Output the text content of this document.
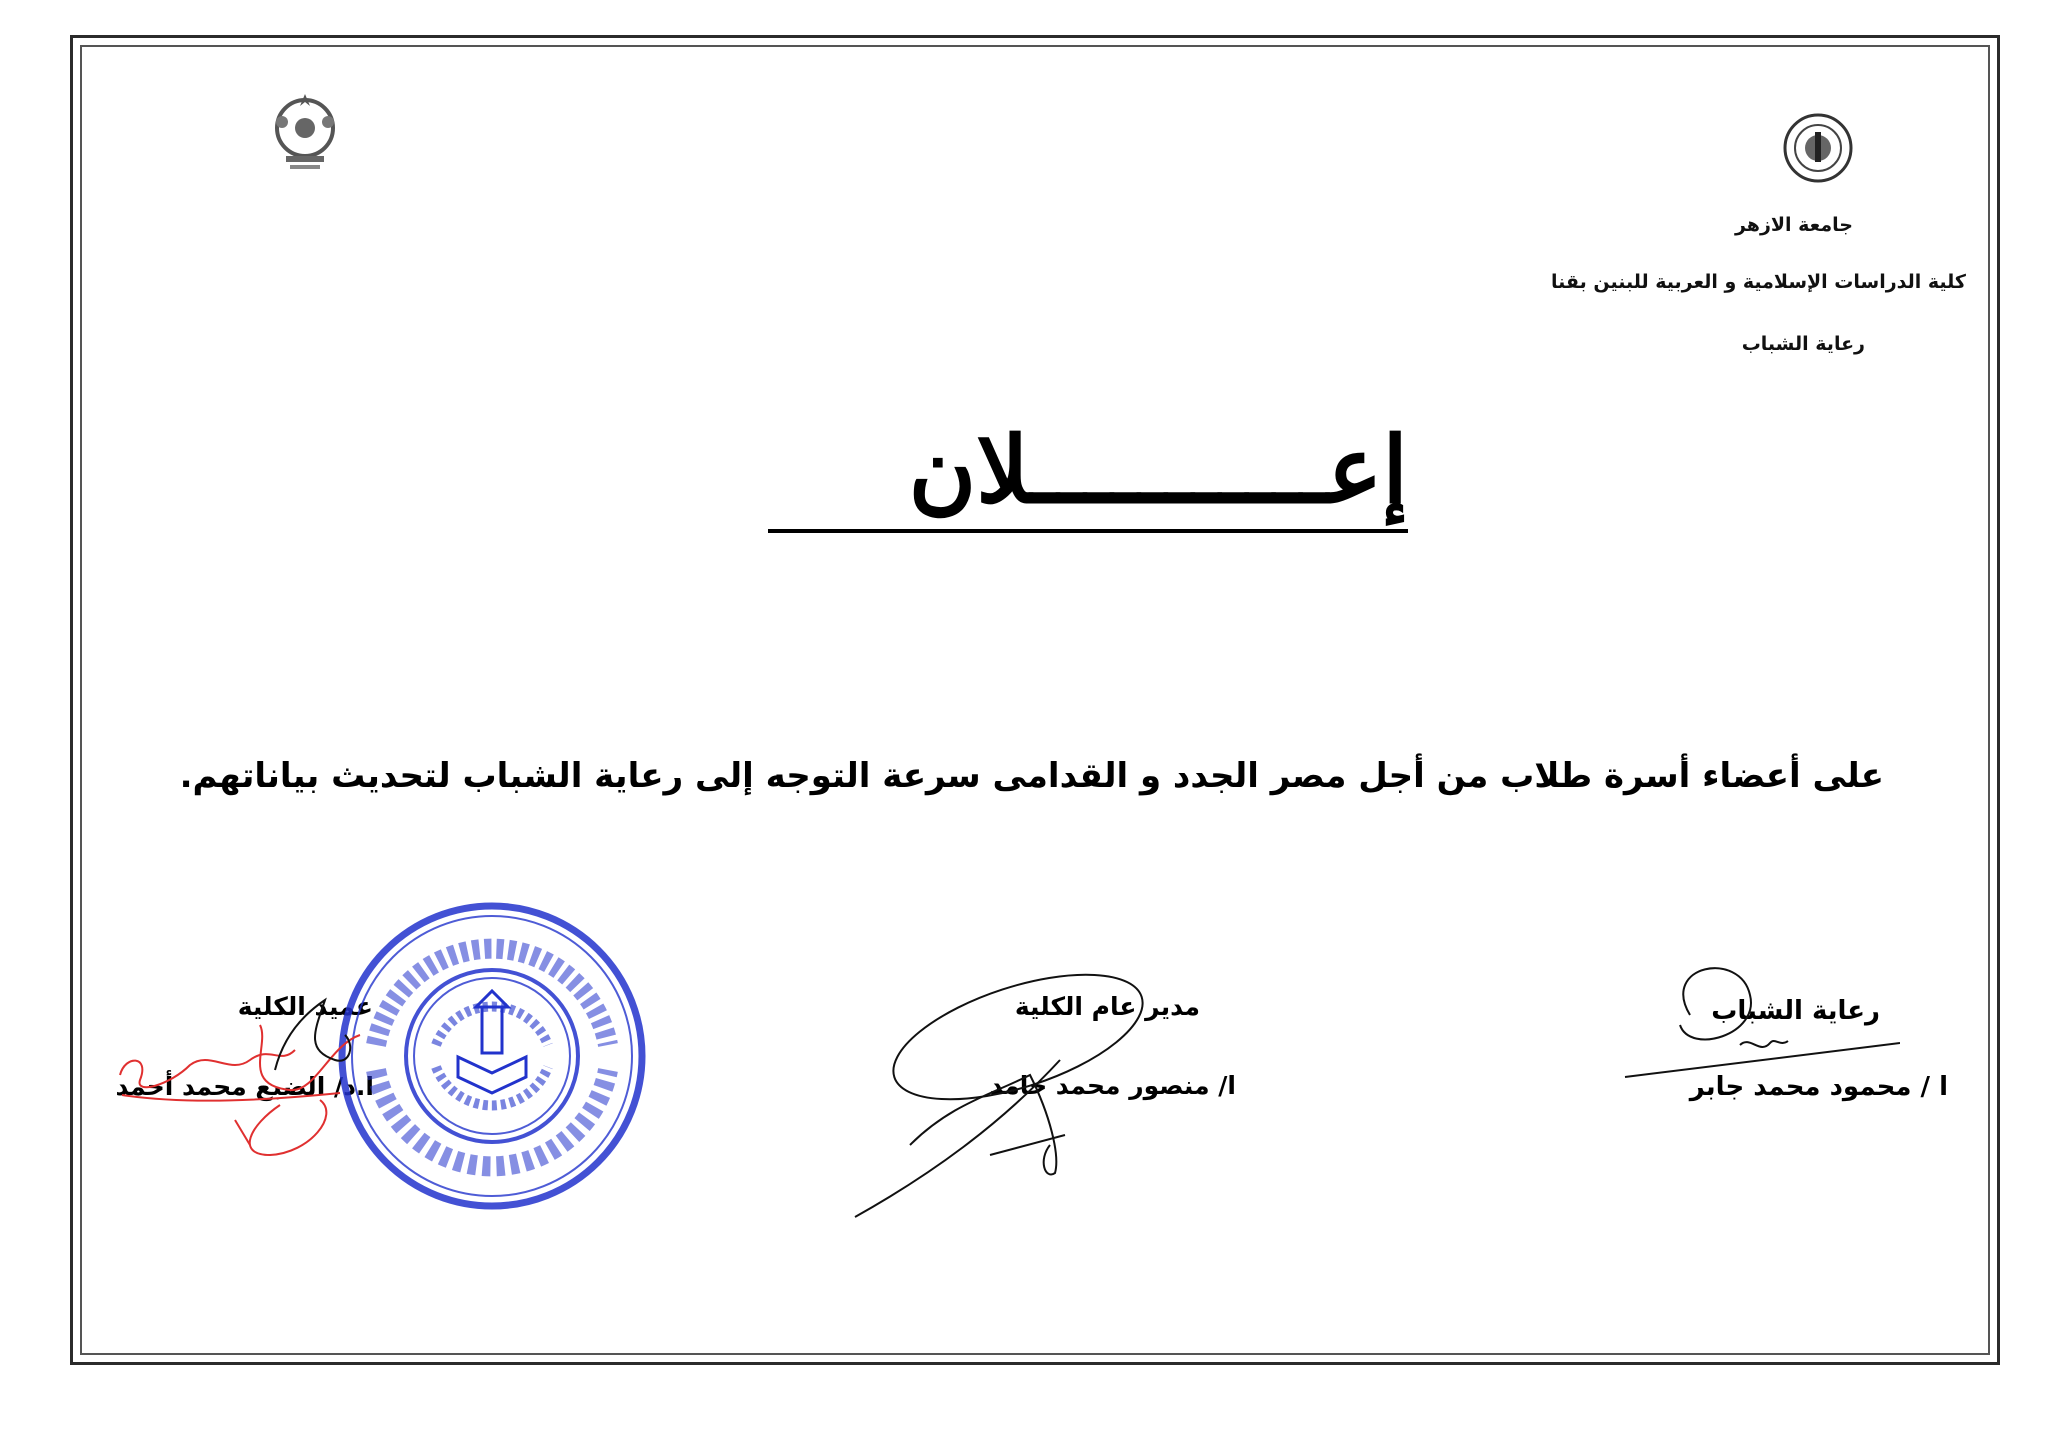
جامعة الازهر
كلية الدراسات الإسلامية و العربية للبنين بقنا
رعاية الشباب
إعـــــــــــلان
على أعضاء أسرة طلاب من أجل مصر الجدد و القدامى سرعة التوجه إلى رعاية الشباب لتحديث بياناتهم.
رعاية الشباب
ا / محمود محمد جابر
مدير عام الكلية
ا/ منصور محمد حامد
عميد الكلية
ا.د/ الضبع محمد أحمد
